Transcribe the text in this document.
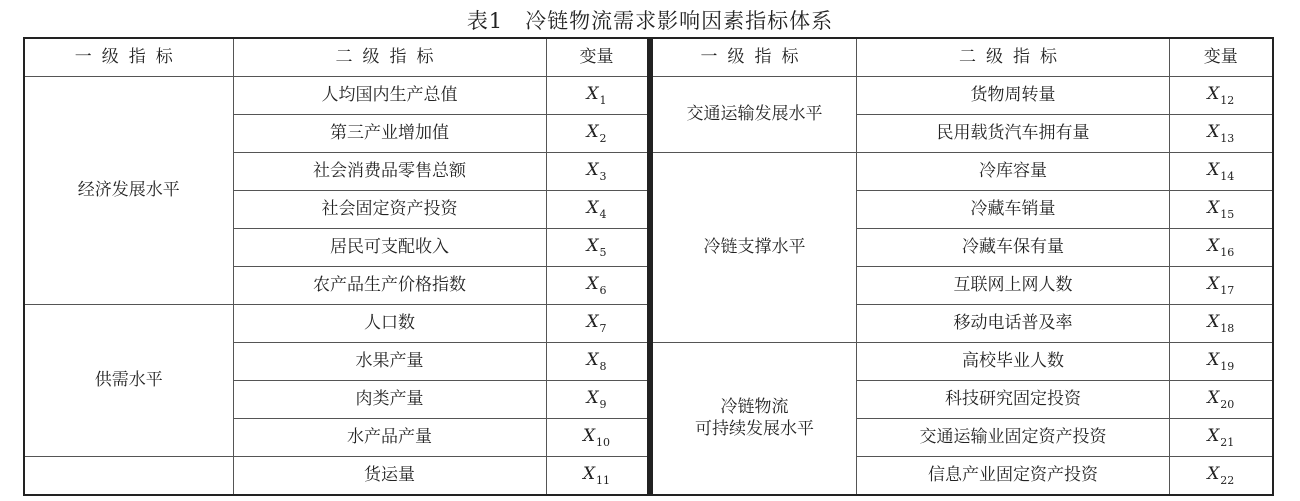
表1 冷链物流需求影响因素指标体系
一级指标	二级指标	变量
经济发展水平	人均国内生产总值	$X_1$
	第三产业增加值	$X_2$
	社会消费品零售总额	$X_3$
	社会固定资产投资	$X_4$
	居民可支配收入	$X_5$
	农产品生产价格指数	$X_6$
供需水平	人口数	$X_7$
	水果产量	$X_8$
	肉类产量	$X_9$
	水产品产量	$X_{10}$
	货运量	$X_{11}$
一级指标	二级指标	变量
交通运输发展水平	货物周转量	$X_{12}$
	民用载货汽车拥有量	$X_{13}$
冷链支撑水平	冷库容量	$X_{14}$
	冷藏车销量	$X_{15}$
	冷藏车保有量	$X_{16}$
	互联网上网人数	$X_{17}$
	移动电话普及率	$X_{18}$
冷链物流
可持续发展水平	高校毕业人数	$X_{19}$
	科技研究固定投资	$X_{20}$
	交通运输业固定资产投资	$X_{21}$
	信息产业固定资产投资	$X_{22}$
